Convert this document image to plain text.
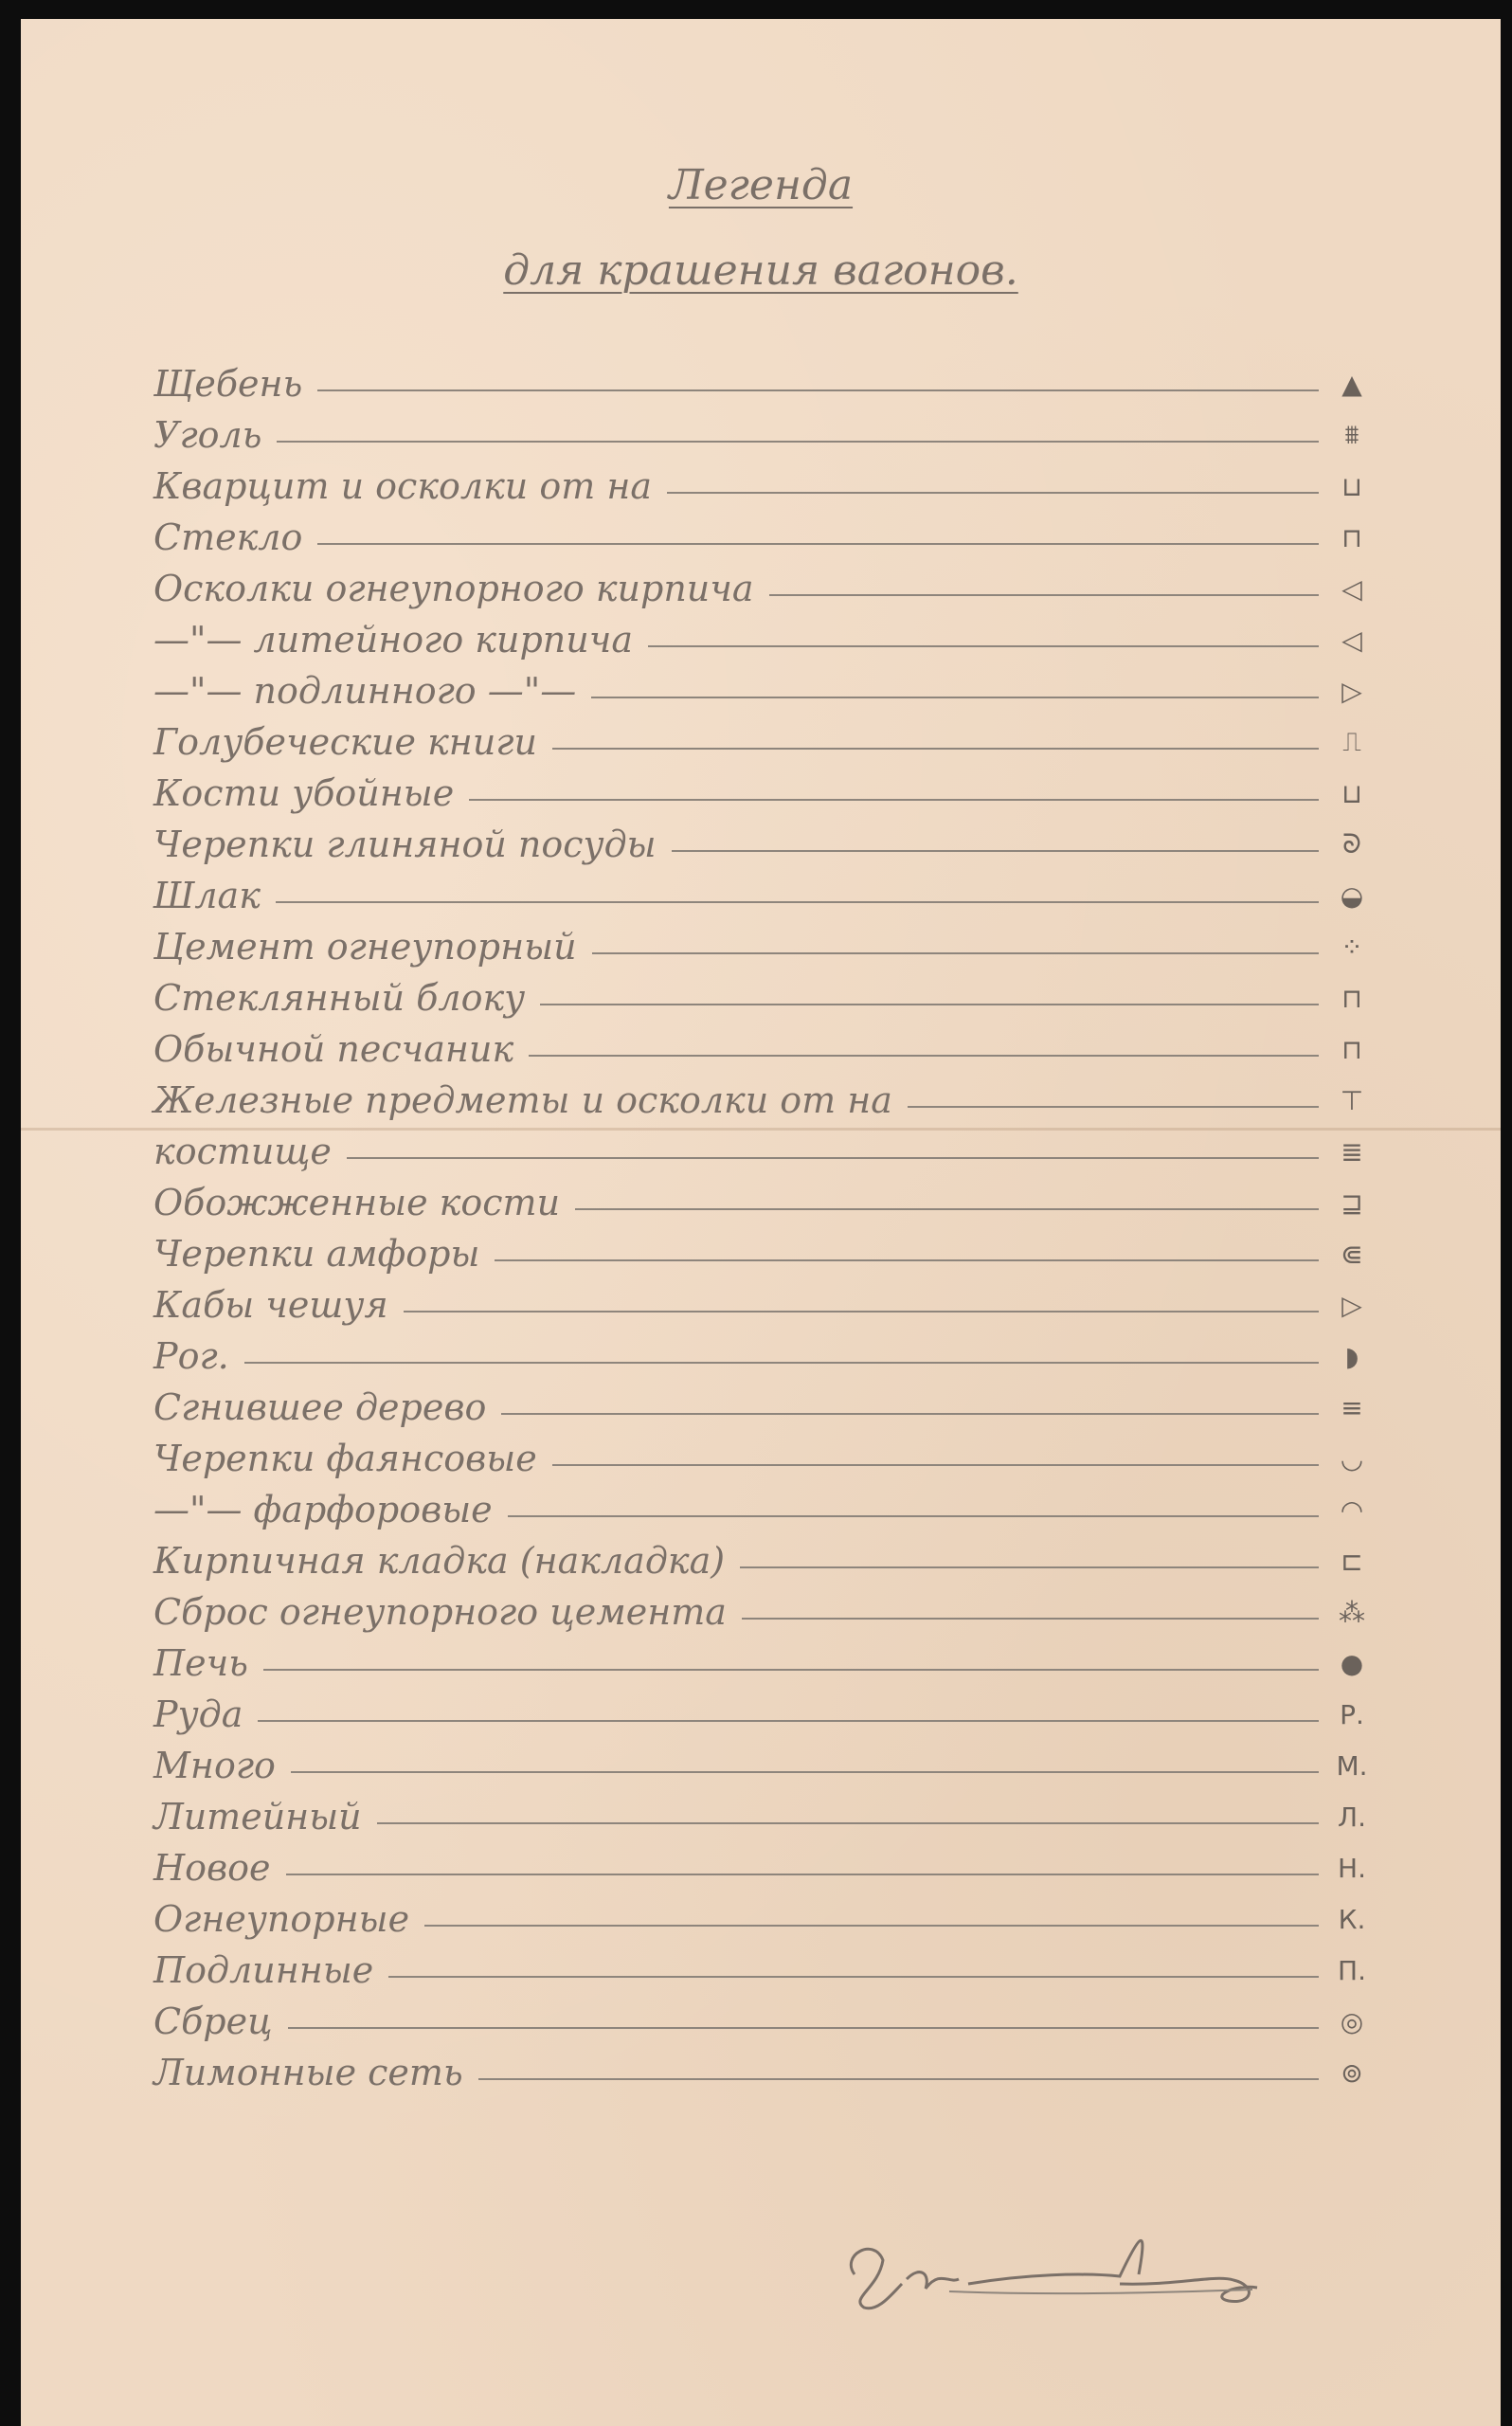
Легенда
для крашения вагонов.
Щебень	▲
Уголь	⩩
Кварцит и осколки от на	⊔
Стекло	⊓
Осколки огнеупорного кирпича	◁
—"— литейного кирпича	◁
—"— подлинного —"—	▷
Голубеческие книги	⎍
Кости убойные	⊔
Черепки глиняной посуды	ᘐ
Шлак	◒
Цемент огнеупорный	⁘
Стеклянный блоку	⊓
Обычной песчаник	⊓
Железные предметы и осколки от на	⊤
костище	≣
Обожженные кости	⊒
Черепки амфоры	⋐
Кабы чешуя	▷
Рог.	◗
Сгнившее дерево	≡
Черепки фаянсовые	◡
—"— фарфоровые	◠
Кирпичная кладка (накладка)	⊏
Сброс огнеупорного цемента	⁂
Печь	●
Руда	Р.
Много	М.
Литейный	Л.
Новое	Н.
Огнеупорные	К.
Подлинные	П.
Сбрец	◎
Лимонные сеть	⊚
